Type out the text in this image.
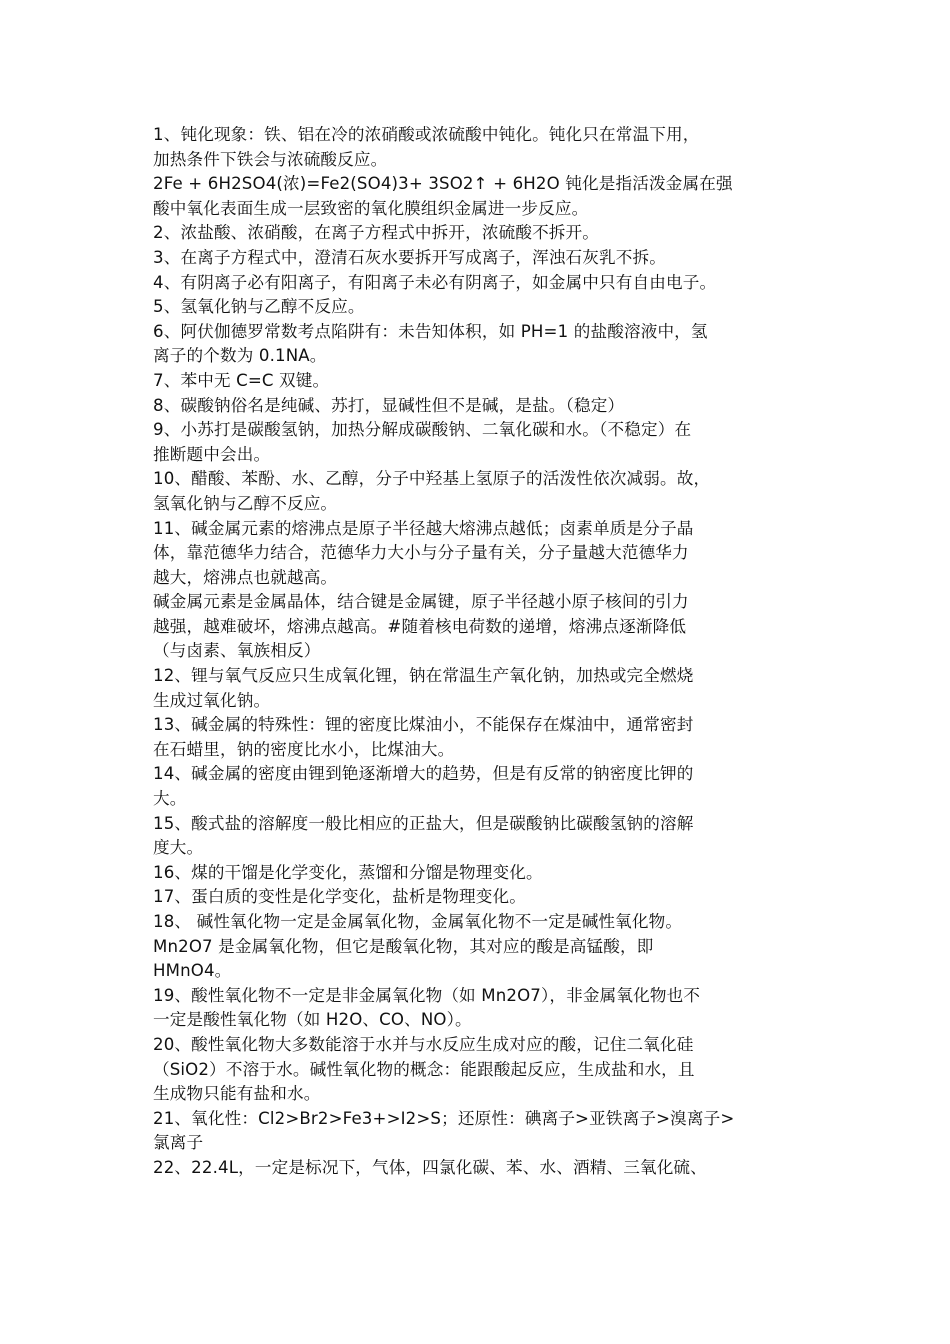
1、钝化现象：铁、铝在冷的浓硝酸或浓硫酸中钝化。钝化只在常温下用，
加热条件下铁会与浓硫酸反应。
2Fe + 6H2SO4(浓)=Fe2(SO4)3+ 3SO2↑ + 6H2O 钝化是指活泼金属在强
酸中氧化表面生成一层致密的氧化膜组织金属进一步反应。
2、浓盐酸、浓硝酸，在离子方程式中拆开，浓硫酸不拆开。
3、在离子方程式中，澄清石灰水要拆开写成离子，浑浊石灰乳不拆。
4、有阴离子必有阳离子，有阳离子未必有阴离子，如金属中只有自由电子。
5、氢氧化钠与乙醇不反应。
6、阿伏伽德罗常数考点陷阱有：未告知体积，如 PH=1 的盐酸溶液中，氢
离子的个数为 0.1NA。
7、苯中无 C=C 双键。
8、碳酸钠俗名是纯碱、苏打，显碱性但不是碱，是盐。（稳定）
9、小苏打是碳酸氢钠，加热分解成碳酸钠、二氧化碳和水。（不稳定）在
推断题中会出。
10、醋酸、苯酚、水、乙醇，分子中羟基上氢原子的活泼性依次减弱。故，
氢氧化钠与乙醇不反应。
11、碱金属元素的熔沸点是原子半径越大熔沸点越低；卤素单质是分子晶
体，靠范德华力结合，范德华力大小与分子量有关，分子量越大范德华力
越大，熔沸点也就越高。
碱金属元素是金属晶体，结合键是金属键，原子半径越小原子核间的引力
越强，越难破坏，熔沸点越高。#随着核电荷数的递增，熔沸点逐渐降低
（与卤素、氧族相反）
12、锂与氧气反应只生成氧化锂，钠在常温生产氧化钠，加热或完全燃烧
生成过氧化钠。
13、碱金属的特殊性：锂的密度比煤油小，不能保存在煤油中，通常密封
在石蜡里，钠的密度比水小，比煤油大。
14、碱金属的密度由锂到铯逐渐增大的趋势，但是有反常的钠密度比钾的
大。
15、酸式盐的溶解度一般比相应的正盐大，但是碳酸钠比碳酸氢钠的溶解
度大。
16、煤的干馏是化学变化，蒸馏和分馏是物理变化。
17、蛋白质的变性是化学变化，盐析是物理变化。
18、 碱性氧化物一定是金属氧化物，金属氧化物不一定是碱性氧化物。
Mn2O7 是金属氧化物，但它是酸氧化物，其对应的酸是高锰酸，即
HMnO4。
19、酸性氧化物不一定是非金属氧化物（如 Mn2O7），非金属氧化物也不
一定是酸性氧化物（如 H2O、CO、NO）。
20、酸性氧化物大多数能溶于水并与水反应生成对应的酸，记住二氧化硅
（SiO2）不溶于水。碱性氧化物的概念：能跟酸起反应，生成盐和水，且
生成物只能有盐和水。
21、氧化性：Cl2>Br2>Fe3+>I2>S；还原性：碘离子>亚铁离子>溴离子>
氯离子
22、22.4L，一定是标况下，气体，四氯化碳、苯、水、酒精、三氧化硫、
